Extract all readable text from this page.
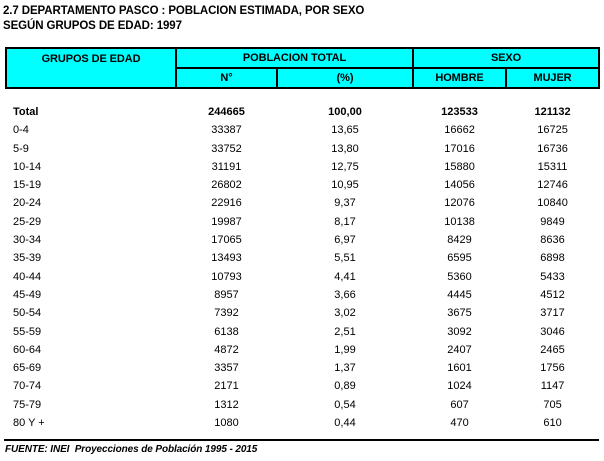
2.7 DEPARTAMENTO PASCO : POBLACION ESTIMADA, POR SEXO
SEGÚN GRUPOS DE EDAD: 1997
GRUPOS DE EDAD	POBLACION TOTAL		SEXO	
	N°	(%)	HOMBRE	MUJER

Total	244665	100,00	123533	121132
0-4	33387	13,65	16662	16725
5-9	33752	13,80	17016	16736
10-14	31191	12,75	15880	15311
15-19	26802	10,95	14056	12746
20-24	22916	9,37	12076	10840
25-29	19987	8,17	10138	9849
30-34	17065	6,97	8429	8636
35-39	13493	5,51	6595	6898
40-44	10793	4,41	5360	5433
45-49	8957	3,66	4445	4512
50-54	7392	3,02	3675	3717
55-59	6138	2,51	3092	3046
60-64	4872	1,99	2407	2465
65-69	3357	1,37	1601	1756
70-74	2171	0,89	1024	1147
75-79	1312	0,54	607	705
80 Y +	1080	0,44	470	610
FUENTE: INEI  Proyecciones de Población 1995 - 2015
